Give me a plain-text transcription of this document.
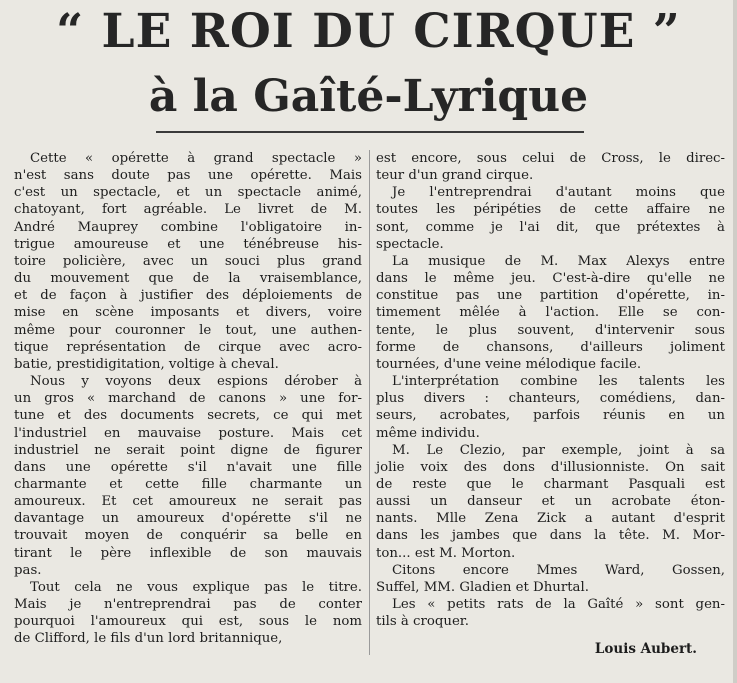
“ LE ROI DU CIRQUE ”
à la Gaîté-Lyrique
Cette « opérette à grand spectacle »
n'est sans doute pas une opérette. Mais
c'est un spectacle, et un spectacle animé,
chatoyant, fort agréable. Le livret de M.
André Mauprey combine l'obligatoire in-
trigue amoureuse et une ténébreuse his-
toire policière, avec un souci plus grand
du mouvement que de la vraisemblance,
et de façon à justifier des déploiements de
mise en scène imposants et divers, voire
même pour couronner le tout, une authen-
tique représentation de cirque avec acro-
batie, prestidigitation, voltige à cheval.
Nous y voyons deux espions dérober à
un gros « marchand de canons » une for-
tune et des documents secrets, ce qui met
l'industriel en mauvaise posture. Mais cet
industriel ne serait point digne de figurer
dans une opérette s'il n'avait une fille
charmante et cette fille charmante un
amoureux. Et cet amoureux ne serait pas
davantage un amoureux d'opérette s'il ne
trouvait moyen de conquérir sa belle en
tirant le père inflexible de son mauvais
pas.
Tout cela ne vous explique pas le titre.
Mais je n'entreprendrai pas de conter
pourquoi l'amoureux qui est, sous le nom
de Clifford, le fils d'un lord britannique,
est encore, sous celui de Cross, le direc-
teur d'un grand cirque.
Je l'entreprendrai d'autant moins que
toutes les péripéties de cette affaire ne
sont, comme je l'ai dit, que prétextes à
spectacle.
La musique de M. Max Alexys entre
dans le même jeu. C'est-à-dire qu'elle ne
constitue pas une partition d'opérette, in-
timement mêlée à l'action. Elle se con-
tente, le plus souvent, d'intervenir sous
forme de chansons, d'ailleurs joliment
tournées, d'une veine mélodique facile.
L'interprétation combine les talents les
plus divers : chanteurs, comédiens, dan-
seurs, acrobates, parfois réunis en un
même individu.
M. Le Clezio, par exemple, joint à sa
jolie voix des dons d'illusionniste. On sait
de reste que le charmant Pasquali est
aussi un danseur et un acrobate éton-
nants. Mlle Zena Zick a autant d'esprit
dans les jambes que dans la tête. M. Mor-
ton... est M. Morton.
Citons encore Mmes Ward, Gossen,
Suffel, MM. Gladien et Dhurtal.
Les « petits rats de la Gaîté » sont gen-
tils à croquer.
Louis Aubert.
